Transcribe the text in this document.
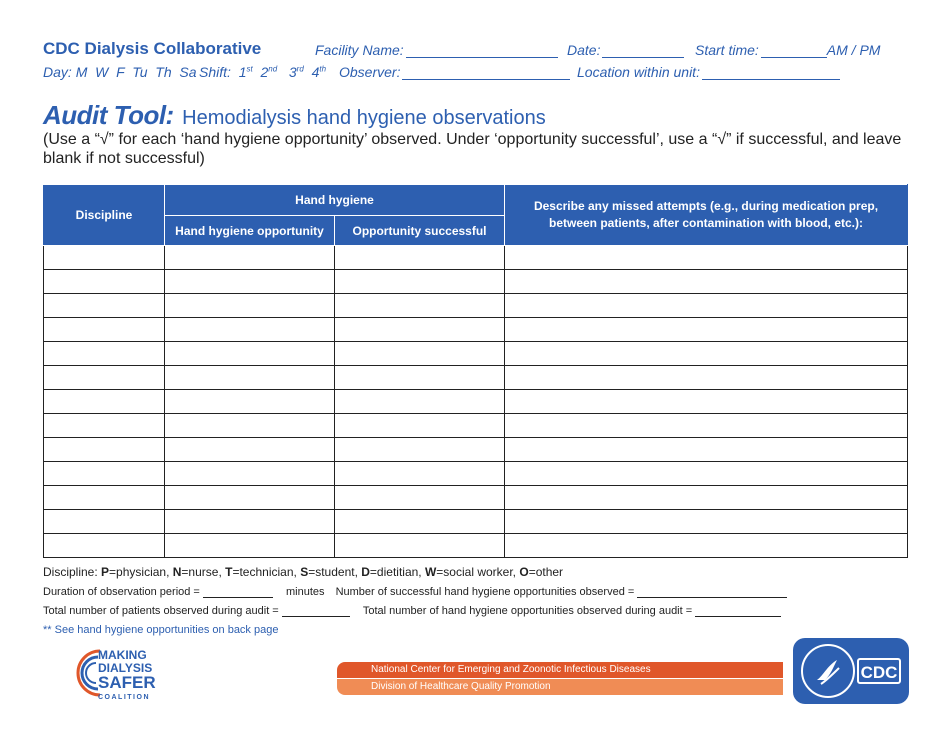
CDC Dialysis Collaborative	Facility Name:	Date:	Start time:	AM / PM
Day: M  W  F  Tu  Th  Sa Shift: 1st 2nd 3rd 4th Observer:	Location within unit:
Audit Tool: Hemodialysis hand hygiene observations
(Use a “√” for each ‘hand hygiene opportunity’ observed. Under ‘opportunity successful’, use a “√” if successful, and leave blank if not successful)
Discipline	Hand hygiene		Describe any missed attempts (e.g., during medication prep, between patients, after contamination with blood, etc.):
	Hand hygiene opportunity	Opportunity successful	

Discipline: P=physician, N=nurse, T=technician, S=student, D=dietitian, W=social worker, O=other
Duration of observation period =	minutes Number of successful hand hygiene opportunities observed =
Total number of patients observed during audit =	Total number of hand hygiene opportunities observed during audit =
** See hand hygiene opportunities on back page
MAKING
DIALYSIS
SAFER
COALITION
National Center for Emerging and Zoonotic Infectious Diseases
Division of Healthcare Quality Promotion
CDC
